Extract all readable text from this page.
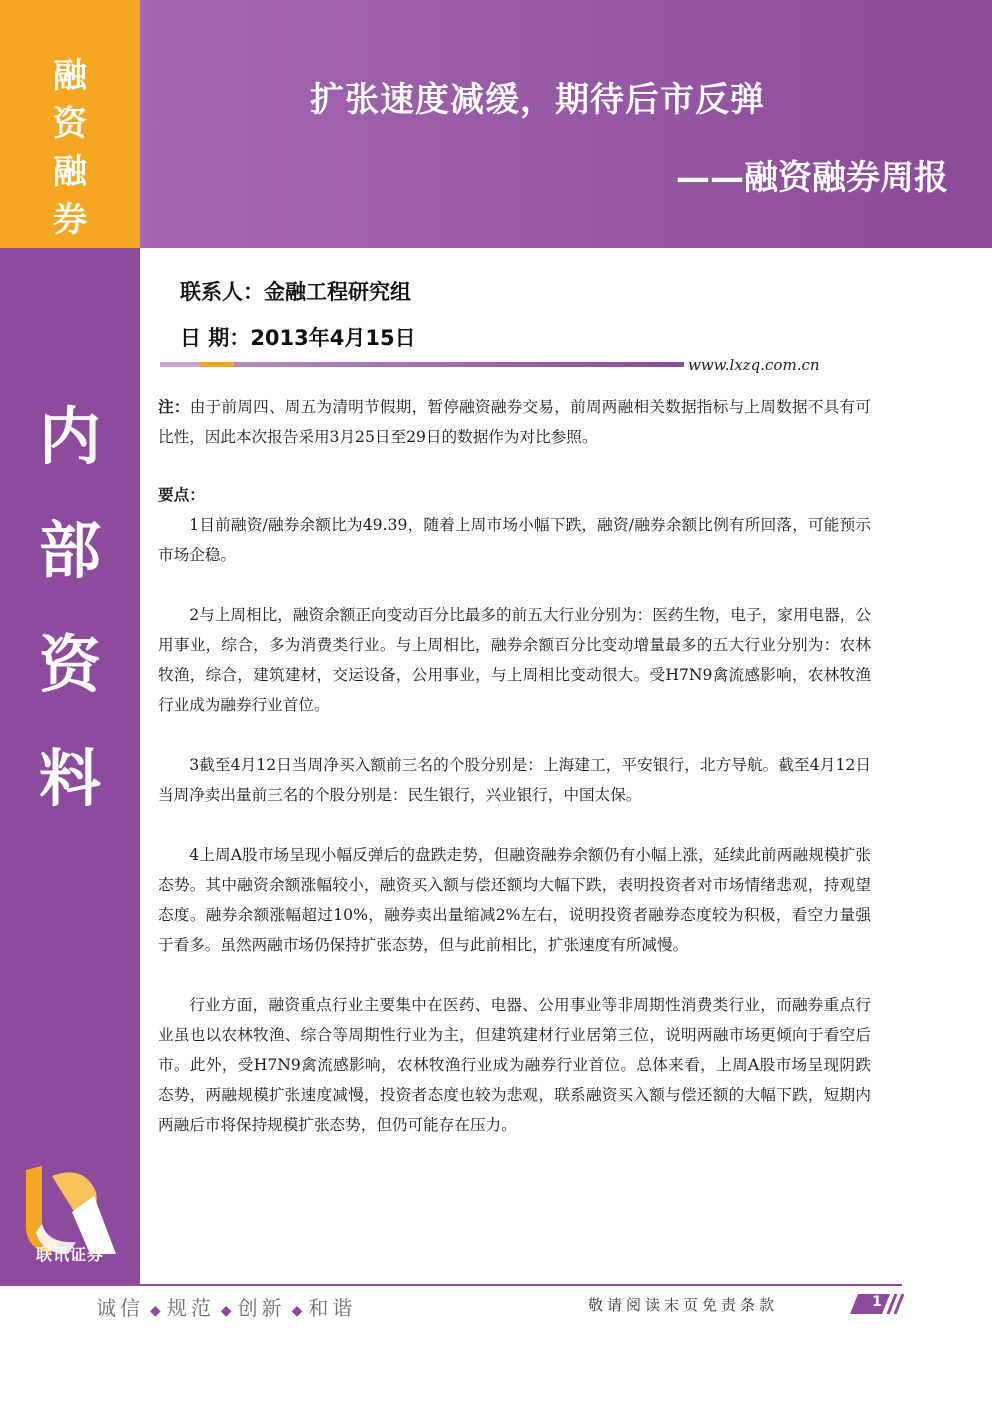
融
资
融
券
扩张速度减缓，期待后市反弹
——融资融券周报
内
部
资
料
联系人：金融工程研究组
日 期：2013年4月15日
www.lxzq.com.cn

注：由于前周四、周五为清明节假期，暂停融资融券交易，前周两融相关数据指标与上周数据不具有可比性，因此本次报告采用3月25日至29日的数据作为对比参照。

要点：

1目前融资/融券余额比为49.39，随着上周市场小幅下跌，融资/融券余额比例有所回落，可能预示市场企稳。

2与上周相比，融资余额正向变动百分比最多的前五大行业分别为：医药生物，电子，家用电器，公用事业，综合，多为消费类行业。与上周相比，融券余额百分比变动增量最多的五大行业分别为：农林牧渔，综合，建筑建材，交运设备，公用事业，与上周相比变动很大。受H7N9禽流感影响，农林牧渔行业成为融券行业首位。

3截至4月12日当周净买入额前三名的个股分别是：上海建工，平安银行，北方导航。截至4月12日当周净卖出量前三名的个股分别是：民生银行，兴业银行，中国太保。

4上周A股市场呈现小幅反弹后的盘跌走势，但融资融券余额仍有小幅上涨，延续此前两融规模扩张态势。其中融资余额涨幅较小，融资买入额与偿还额均大幅下跌，表明投资者对市场情绪悲观，持观望态度。融券余额涨幅超过10%，融券卖出量缩减2%左右，说明投资者融券态度较为积极，看空力量强于看多。虽然两融市场仍保持扩张态势，但与此前相比，扩张速度有所减慢。

行业方面，融资重点行业主要集中在医药、电器、公用事业等非周期性消费类行业，而融券重点行业虽也以农林牧渔、综合等周期性行业为主，但建筑建材行业居第三位，说明两融市场更倾向于看空后市。此外，受H7N9禽流感影响，农林牧渔行业成为融券行业首位。总体来看，上周A股市场呈现阴跌态势，两融规模扩张速度减慢，投资者态度也较为悲观，联系融资买入额与偿还额的大幅下跌，短期内两融后市将保持规模扩张态势，但仍可能存在压力。

联讯证券
诚信 ◆ 规范 ◆ 创新 ◆ 和谐	敬请阅读末页免责条款	1
